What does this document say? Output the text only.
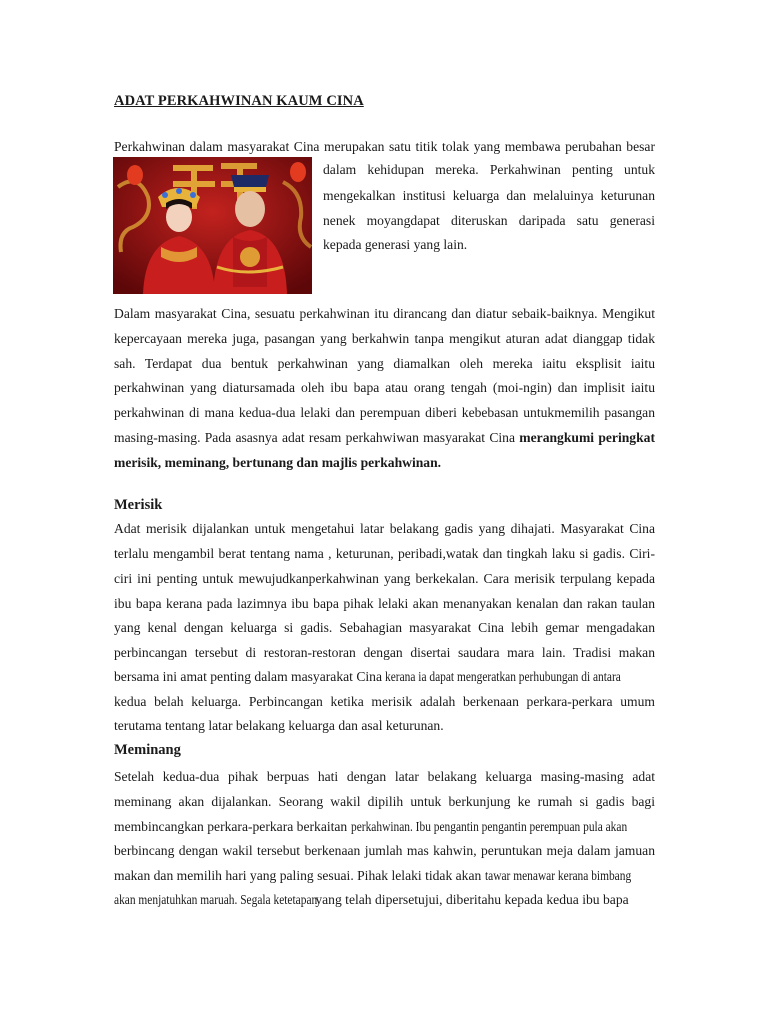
ADAT PERKAHWINAN KAUM CINA
Perkahwinan dalam masyarakat Cina merupakan satu titik tolak yang membawa perubahan besar
dalam kehidupan mereka. Perkahwinan penting untuk
mengekalkan institusi keluarga dan melaluinya keturunan
nenek moyangdapat diteruskan daripada satu generasi
kepada generasi yang lain.
Dalam masyarakat Cina, sesuatu perkahwinan itu dirancang dan diatur sebaik-baiknya. Mengikut
kepercayaan mereka juga, pasangan yang berkahwin tanpa mengikut aturan adat dianggap tidak
sah. Terdapat dua bentuk perkahwinan yang diamalkan oleh mereka iaitu eksplisit iaitu
perkahwinan yang diatursamada oleh ibu bapa atau orang tengah (moi-ngin) dan implisit iaitu
perkahwinan di mana kedua-dua lelaki dan perempuan diberi kebebasan untukmemilih pasangan
masing-masing. Pada asasnya adat resam perkahwiwan masyarakat Cina merangkumi peringkat
merisik, meminang, bertunang dan majlis perkahwinan.
Merisik
Adat merisik dijalankan untuk mengetahui latar belakang gadis yang dihajati. Masyarakat Cina
terlalu mengambil berat tentang nama , keturunan, peribadi,watak dan tingkah laku si gadis. Ciri-
ciri ini penting untuk mewujudkanperkahwinan yang berkekalan. Cara merisik terpulang kepada
ibu bapa kerana pada lazimnya ibu bapa pihak lelaki akan menanyakan kenalan dan rakan taulan
yang kenal dengan keluarga si gadis. Sebahagian masyarakat Cina lebih gemar mengadakan
perbincangan tersebut di restoran-restoran dengan disertai saudara mara lain. Tradisi makan
bersama ini amat penting dalam masyarakat Cina kerana ia dapat mengeratkan perhubungan di antara
kedua belah keluarga. Perbincangan ketika merisik adalah berkenaan perkara-perkara umum
terutama tentang latar belakang keluarga dan asal keturunan.
Meminang
Setelah kedua-dua pihak berpuas hati dengan latar belakang keluarga masing-masing adat
meminang akan dijalankan. Seorang wakil dipilih untuk berkunjung ke rumah si gadis bagi
membincangkan perkara-perkara berkaitan perkahwinan. Ibu pengantin pengantin perempuan pula akan
berbincang dengan wakil tersebut berkenaan jumlah mas kahwin, peruntukan meja dalam jamuan
makan dan memilih hari yang paling sesuai. Pihak lelaki tidak akan tawar menawar kerana bimbang
akan menjatuhkan maruah. Segala ketetapan yang telah dipersetujui, diberitahu kepada kedua ibu bapa
